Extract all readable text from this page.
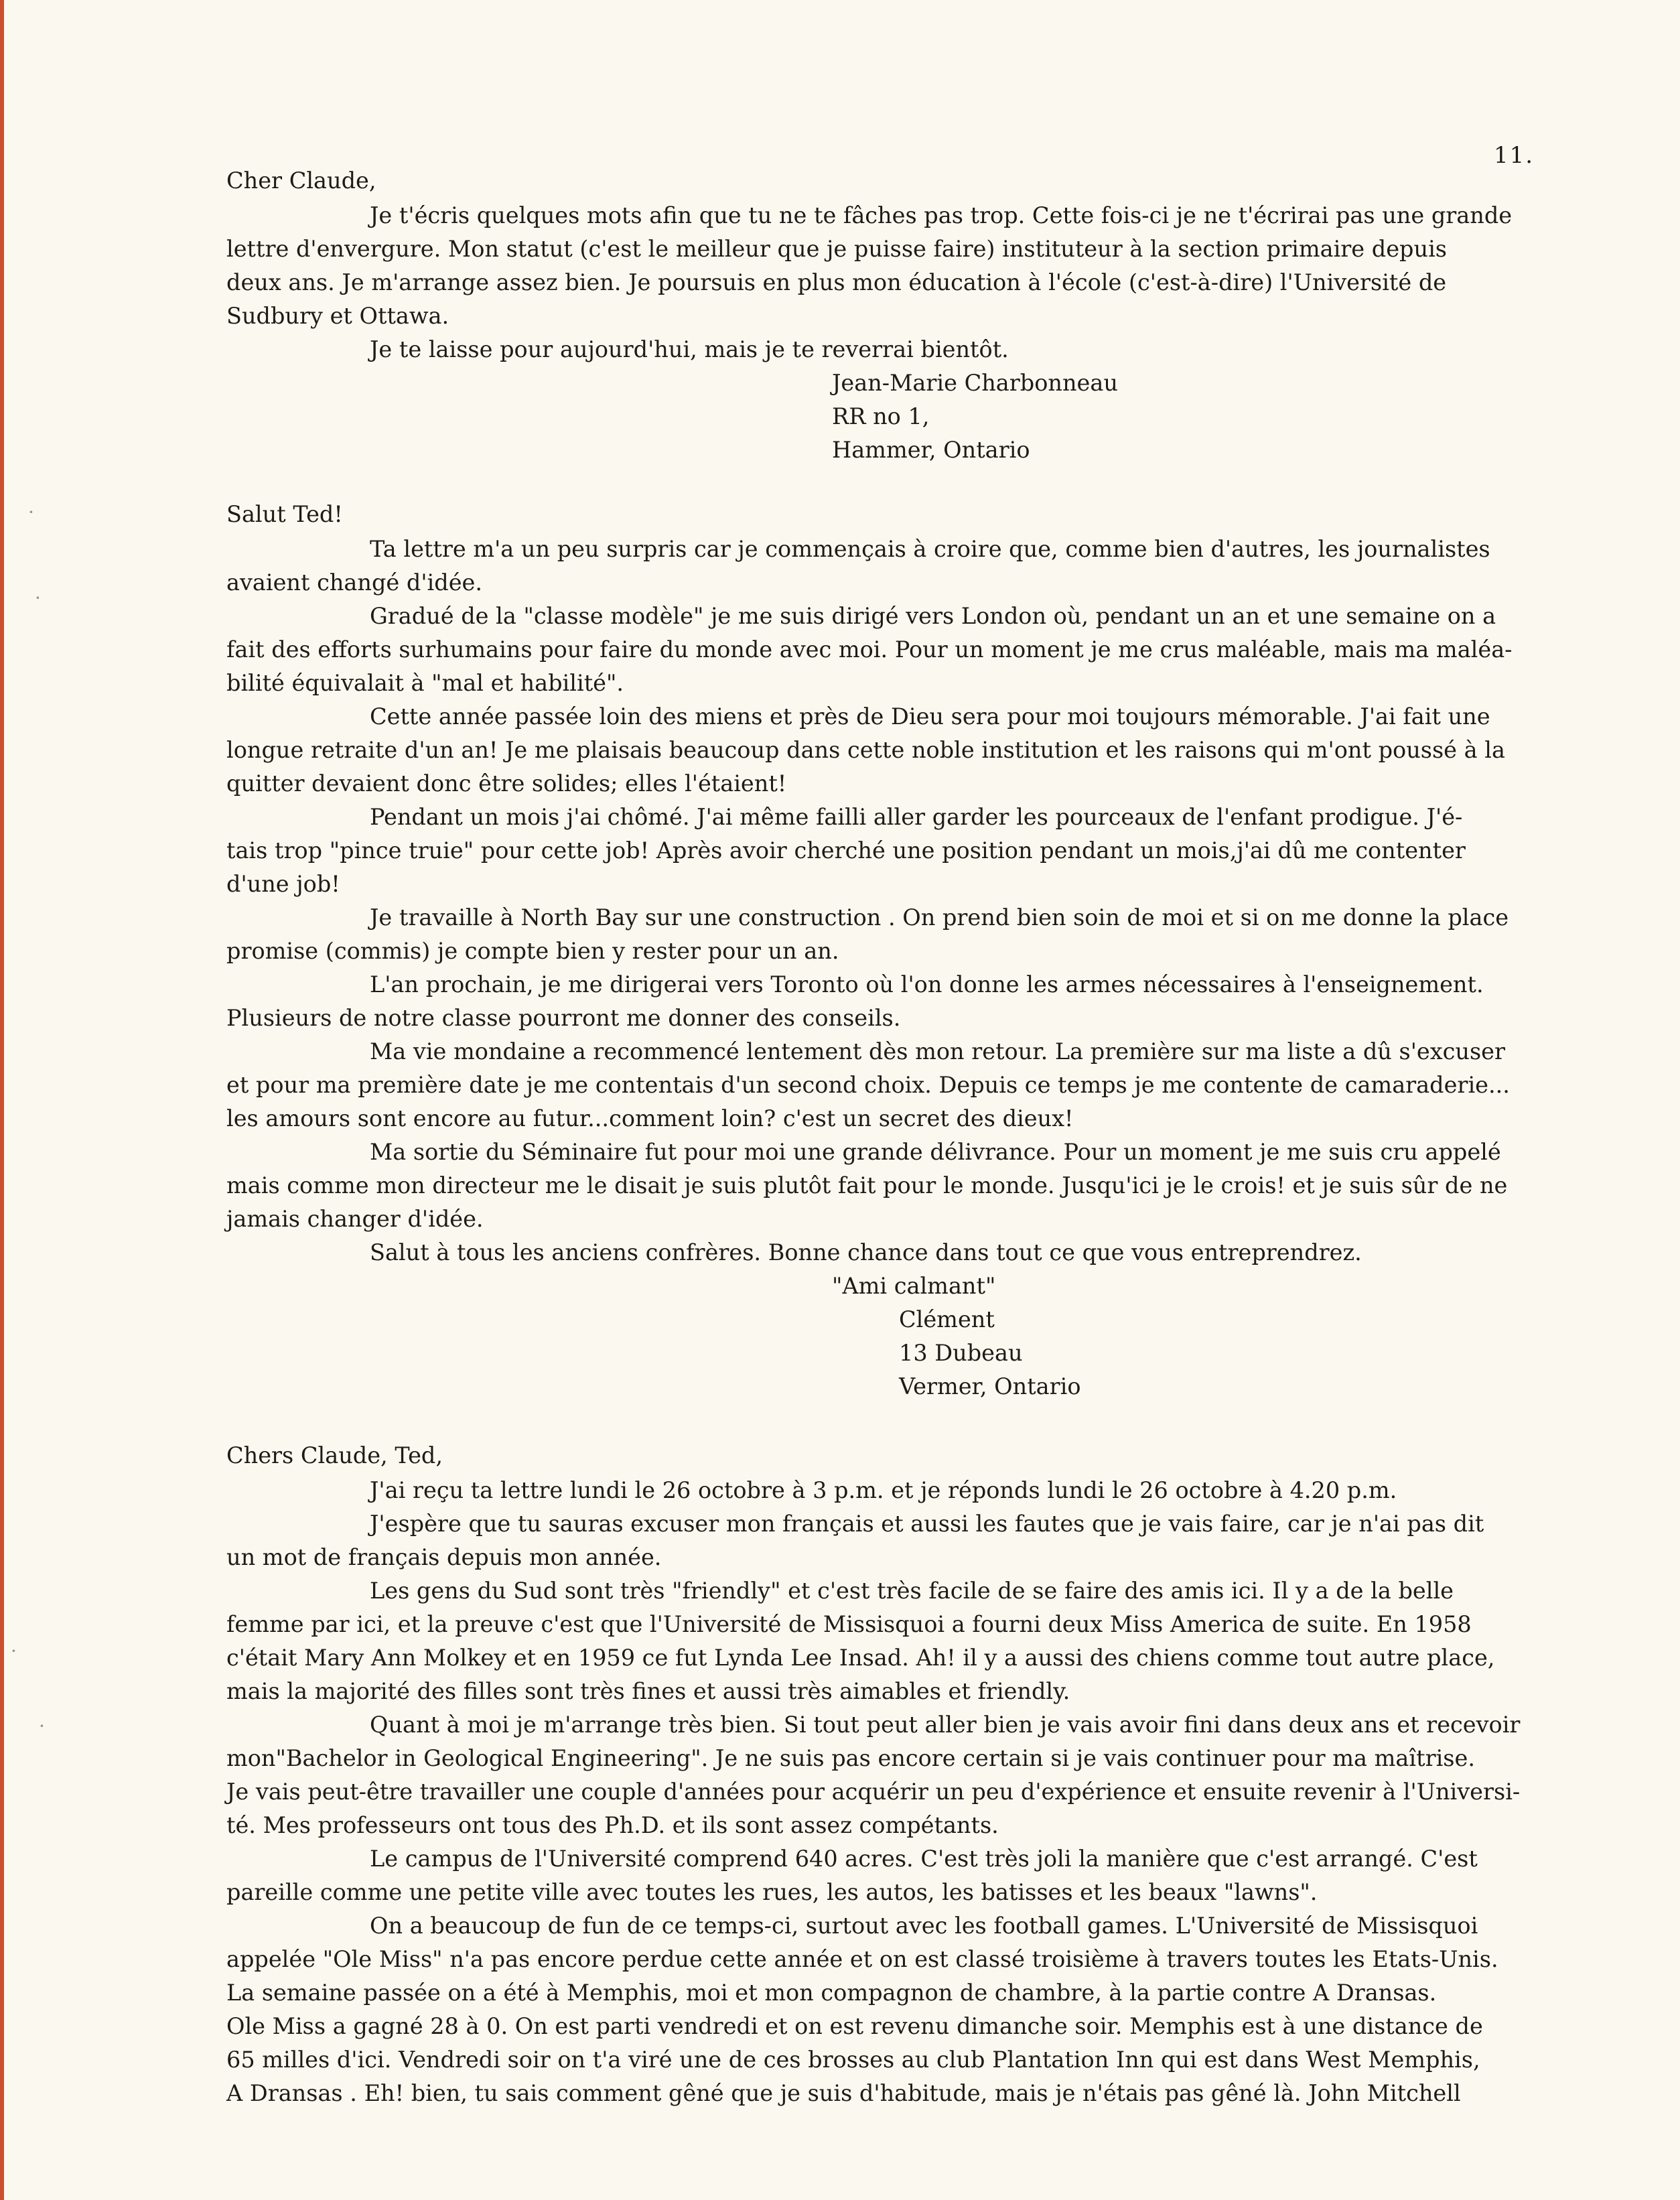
11.
·
·
·
·

Cher Claude,

Je t'écris quelques mots afin que tu ne te fâches pas trop. Cette fois-ci je ne t'écrirai pas une grande

lettre d'envergure. Mon statut (c'est le meilleur que je puisse faire) instituteur à la section primaire depuis

deux ans. Je m'arrange assez bien. Je poursuis en plus mon éducation à l'école (c'est-à-dire) l'Université de

Sudbury et Ottawa.

Je te laisse pour aujourd'hui, mais je te reverrai bientôt.

Jean-Marie Charbonneau

RR no 1,

Hammer, Ontario

Salut Ted!

Ta lettre m'a un peu surpris car je commençais à croire que, comme bien d'autres, les journalistes

avaient changé d'idée.

Gradué de la "classe modèle" je me suis dirigé vers London où, pendant un an et une semaine on a

fait des efforts surhumains pour faire du monde avec moi. Pour un moment je me crus maléable, mais ma maléa-

bilité équivalait à "mal et habilité".

Cette année passée loin des miens et près de Dieu sera pour moi toujours mémorable. J'ai fait une

longue retraite d'un an! Je me plaisais beaucoup dans cette noble institution et les raisons qui m'ont poussé à la

quitter devaient donc être solides; elles l'étaient!

Pendant un mois j'ai chômé. J'ai même failli aller garder les pourceaux de l'enfant prodigue. J'é-

tais trop "pince truie" pour cette job! Après avoir cherché une position pendant un mois,j'ai dû me contenter

d'une job!

Je travaille à North Bay sur une construction . On prend bien soin de moi et si on me donne la place

promise (commis) je compte bien y rester pour un an.

L'an prochain, je me dirigerai vers Toronto où l'on donne les armes nécessaires à l'enseignement.

Plusieurs de notre classe pourront me donner des conseils.

Ma vie mondaine a recommencé lentement dès mon retour. La première sur ma liste a dû s'excuser

et pour ma première date je me contentais d'un second choix. Depuis ce temps je me contente de camaraderie...

les amours sont encore au futur...comment loin? c'est un secret des dieux!

Ma sortie du Séminaire fut pour moi une grande délivrance. Pour un moment je me suis cru appelé

mais comme mon directeur me le disait je suis plutôt fait pour le monde. Jusqu'ici je le crois! et je suis sûr de ne

jamais changer d'idée.

Salut à tous les anciens confrères. Bonne chance dans tout ce que vous entreprendrez.

"Ami calmant"

Clément

13 Dubeau

Vermer, Ontario

Chers Claude, Ted,

J'ai reçu ta lettre lundi le 26 octobre à 3 p.m. et je réponds lundi le 26 octobre à 4.20 p.m.

J'espère que tu sauras excuser mon français et aussi les fautes que je vais faire, car je n'ai pas dit

un mot de français depuis mon année.

Les gens du Sud sont très "friendly" et c'est très facile de se faire des amis ici. Il y a de la belle

femme par ici, et la preuve c'est que l'Université de Missisquoi a fourni deux Miss America de suite. En 1958

c'était Mary Ann Molkey et en 1959 ce fut Lynda Lee Insad. Ah! il y a aussi des chiens comme tout autre place,

mais la majorité des filles sont très fines et aussi très aimables et friendly.

Quant à moi je m'arrange très bien. Si tout peut aller bien je vais avoir fini dans deux ans et recevoir

mon"Bachelor in Geological Engineering". Je ne suis pas encore certain si je vais continuer pour ma maîtrise.

Je vais peut-être travailler une couple d'années pour acquérir un peu d'expérience et ensuite revenir à l'Universi-

té. Mes professeurs ont tous des Ph.D. et ils sont assez compétants.

Le campus de l'Université comprend 640 acres. C'est très joli la manière que c'est arrangé. C'est

pareille comme une petite ville avec toutes les rues, les autos, les batisses et les beaux "lawns".

On a beaucoup de fun de ce temps-ci, surtout avec les football games. L'Université de Missisquoi

appelée "Ole Miss" n'a pas encore perdue cette année et on est classé troisième à travers toutes les Etats-Unis.

La semaine passée on a été à Memphis, moi et mon compagnon de chambre, à la partie contre A Dransas.

Ole Miss a gagné 28 à 0. On est parti vendredi et on est revenu dimanche soir. Memphis est à une distance de

65 milles d'ici. Vendredi soir on t'a viré une de ces brosses au club Plantation Inn qui est dans West Memphis,

A Dransas . Eh! bien, tu sais comment gêné que je suis d'habitude, mais je n'étais pas gêné là. John Mitchell
